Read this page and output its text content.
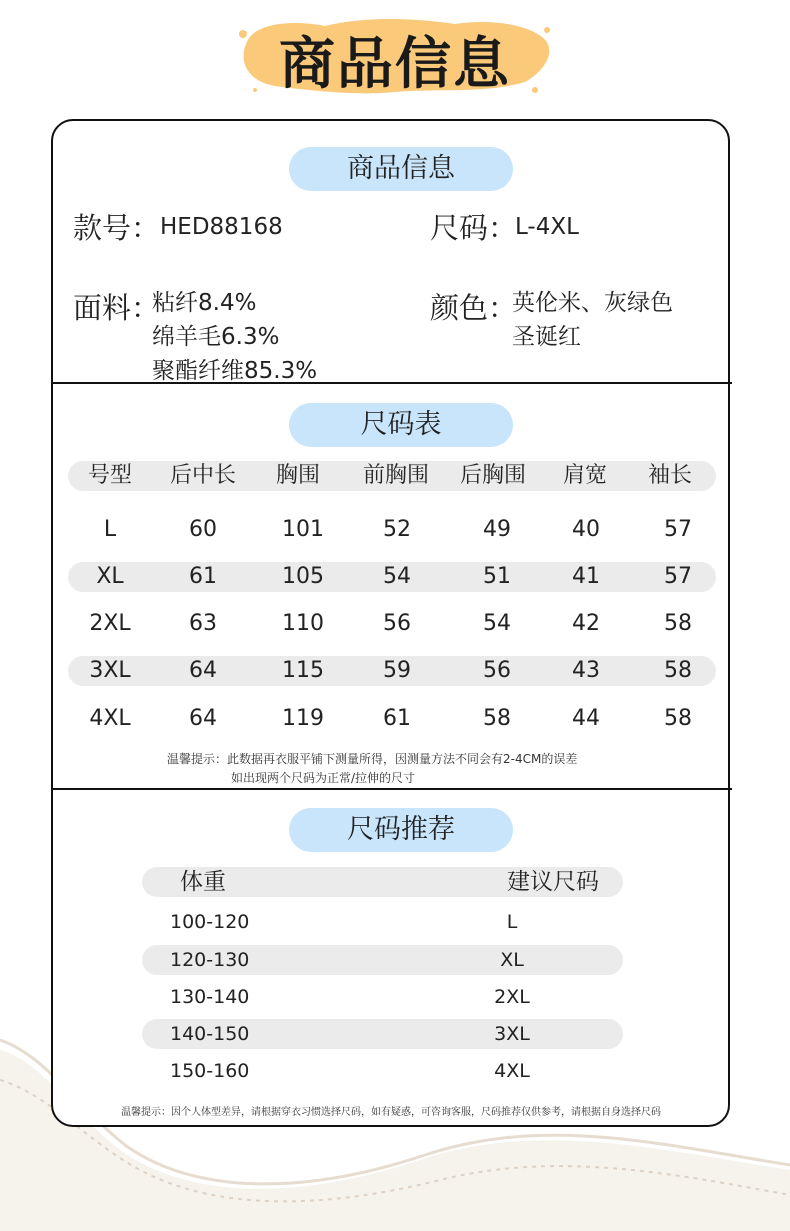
商品信息
商品信息
款号： HED88168	尺码：
L-4XL
面料：
粘纤8.4%
绵羊毛6.3%
聚酯纤维85.3%
颜色：
英伦米、灰绿色
圣诞红
尺码表
号型	后中长	胸围	前胸围	后胸围	肩宽	袖长
L	60	101	52	49	40	57
XL	61	105	54	51	41	57
2XL	63	110	56	54	42	58
3XL	64	115	59	56	43	58
4XL	64	119	61	58	44	58
温馨提示：此数据再衣服平铺下测量所得，因测量方法不同会有2-4CM的误差
如出现两个尺码为正常/拉伸的尺寸
尺码推荐
体重	建议尺码
100-120	L
120-130	XL
130-140	2XL
140-150	3XL
150-160	4XL
温馨提示：因个人体型差异，请根据穿衣习惯选择尺码，如有疑惑，可咨询客服，尺码推荐仅供参考，请根据自身选择尺码
